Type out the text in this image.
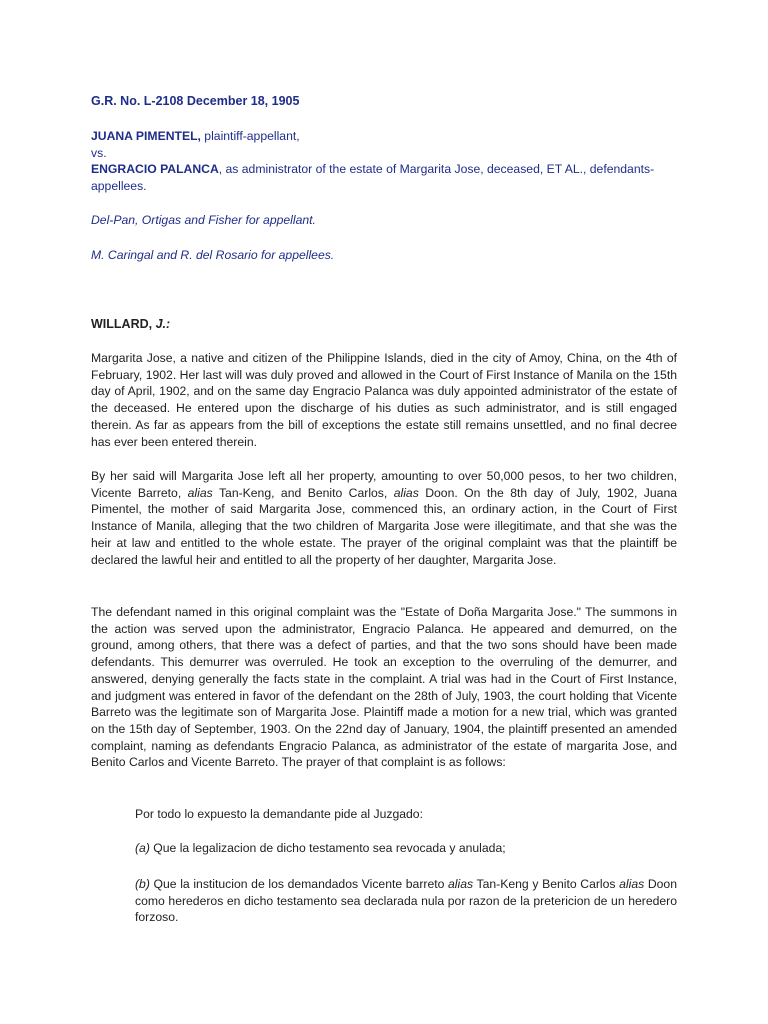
G.R. No. L-2108 December 18, 1905
JUANA PIMENTEL, plaintiff-appellant,
vs.
ENGRACIO PALANCA, as administrator of the estate of Margarita Jose, deceased, ET AL., defendants-appellees.
Del-Pan, Ortigas and Fisher for appellant.
M. Caringal and R. del Rosario for appellees.
WILLARD, J.:
Margarita Jose, a native and citizen of the Philippine Islands, died in the city of Amoy, China, on the 4th of February, 1902. Her last will was duly proved and allowed in the Court of First Instance of Manila on the 15th day of April, 1902, and on the same day Engracio Palanca was duly appointed administrator of the estate of the deceased. He entered upon the discharge of his duties as such administrator, and is still engaged therein. As far as appears from the bill of exceptions the estate still remains unsettled, and no final decree has ever been entered therein.
By her said will Margarita Jose left all her property, amounting to over 50,000 pesos, to her two children, Vicente Barreto, alias Tan-Keng, and Benito Carlos, alias Doon. On the 8th day of July, 1902, Juana Pimentel, the mother of said Margarita Jose, commenced this, an ordinary action, in the Court of First Instance of Manila, alleging that the two children of Margarita Jose were illegitimate, and that she was the heir at law and entitled to the whole estate. The prayer of the original complaint was that the plaintiff be declared the lawful heir and entitled to all the property of her daughter, Margarita Jose.
The defendant named in this original complaint was the "Estate of Doña Margarita Jose." The summons in the action was served upon the administrator, Engracio Palanca. He appeared and demurred, on the ground, among others, that there was a defect of parties, and that the two sons should have been made defendants. This demurrer was overruled. He took an exception to the overruling of the demurrer, and answered, denying generally the facts state in the complaint. A trial was had in the Court of First Instance, and judgment was entered in favor of the defendant on the 28th of July, 1903, the court holding that Vicente Barreto was the legitimate son of Margarita Jose. Plaintiff made a motion for a new trial, which was granted on the 15th day of September, 1903. On the 22nd day of January, 1904, the plaintiff presented an amended complaint, naming as defendants Engracio Palanca, as administrator of the estate of margarita Jose, and Benito Carlos and Vicente Barreto. The prayer of that complaint is as follows:
Por todo lo expuesto la demandante pide al Juzgado:
(a) Que la legalizacion de dicho testamento sea revocada y anulada;
(b) Que la institucion de los demandados Vicente barreto alias Tan-Keng y Benito Carlos alias Doon como herederos en dicho testamento sea declarada nula por razon de la pretericion de un heredero forzoso.
